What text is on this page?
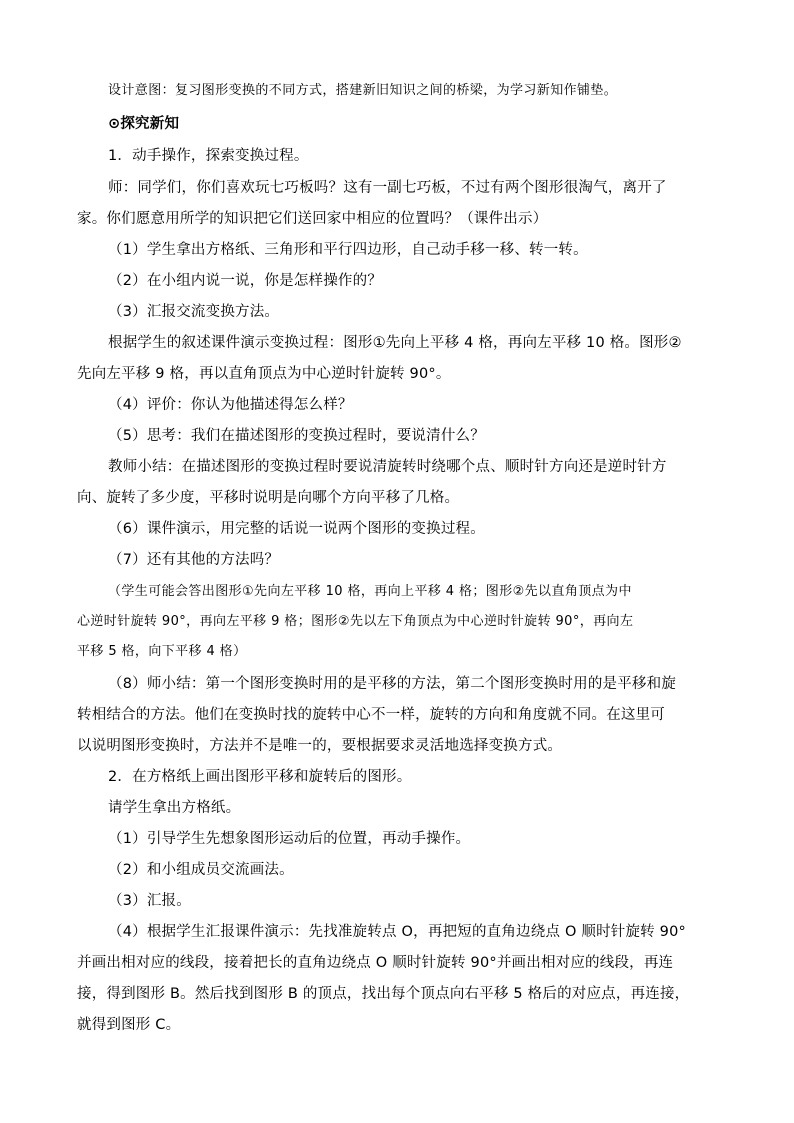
设计意图：复习图形变换的不同方式，搭建新旧知识之间的桥梁，为学习新知作铺垫。
⊙探究新知
1．动手操作，探索变换过程。
师：同学们，你们喜欢玩七巧板吗？这有一副七巧板，不过有两个图形很淘气，离开了
家。你们愿意用所学的知识把它们送回家中相应的位置吗？（课件出示）
（1）学生拿出方格纸、三角形和平行四边形，自己动手移一移、转一转。
（2）在小组内说一说，你是怎样操作的？
（3）汇报交流变换方法。
根据学生的叙述课件演示变换过程：图形①先向上平移 4 格，再向左平移 10 格。图形②
先向左平移 9 格，再以直角顶点为中心逆时针旋转 90°。
（4）评价：你认为他描述得怎么样？
（5）思考：我们在描述图形的变换过程时，要说清什么？
教师小结：在描述图形的变换过程时要说清旋转时绕哪个点、顺时针方向还是逆时针方
向、旋转了多少度，平移时说明是向哪个方向平移了几格。
（6）课件演示，用完整的话说一说两个图形的变换过程。
（7）还有其他的方法吗？
（学生可能会答出图形①先向左平移 10 格，再向上平移 4 格；图形②先以直角顶点为中
心逆时针旋转 90°，再向左平移 9 格；图形②先以左下角顶点为中心逆时针旋转 90°，再向左
平移 5 格，向下平移 4 格）
（8）师小结：第一个图形变换时用的是平移的方法，第二个图形变换时用的是平移和旋
转相结合的方法。他们在变换时找的旋转中心不一样，旋转的方向和角度就不同。在这里可
以说明图形变换时，方法并不是唯一的，要根据要求灵活地选择变换方式。
2．在方格纸上画出图形平移和旋转后的图形。
请学生拿出方格纸。
（1）引导学生先想象图形运动后的位置，再动手操作。
（2）和小组成员交流画法。
（3）汇报。
（4）根据学生汇报课件演示：先找准旋转点 O，再把短的直角边绕点 O 顺时针旋转 90°
并画出相对应的线段，接着把长的直角边绕点 O 顺时针旋转 90°并画出相对应的线段，再连
接，得到图形 B。然后找到图形 B 的顶点，找出每个顶点向右平移 5 格后的对应点，再连接，
就得到图形 C。
